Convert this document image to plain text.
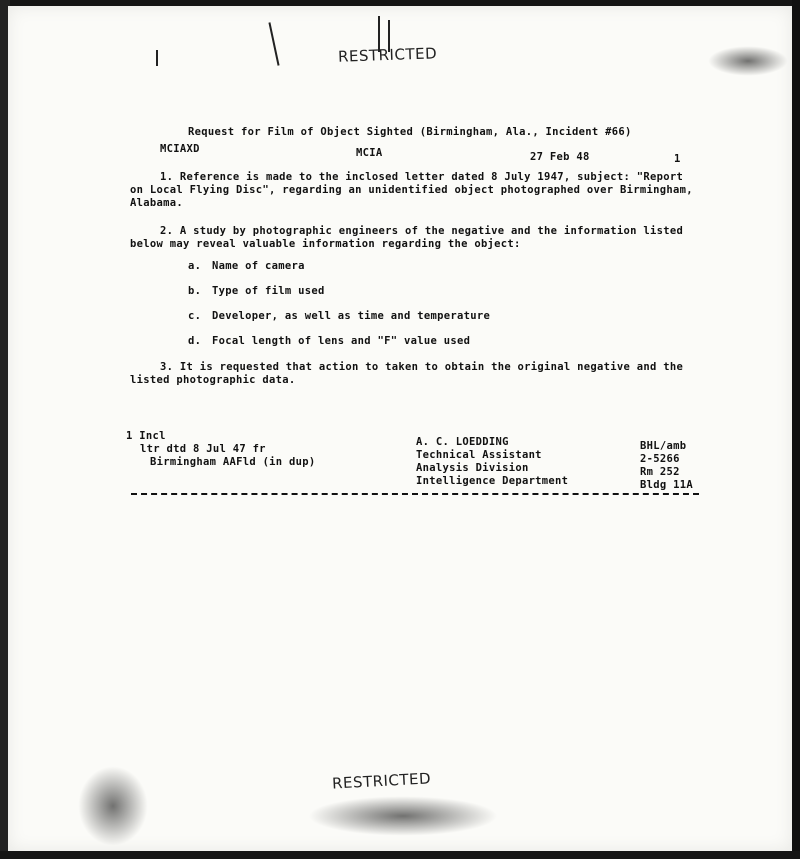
RESTRICTED
Request for Film of Object Sighted (Birmingham, Ala., Incident #66)
MCIAXD	MCIA	27 Feb 48	1
1. Reference is made to the inclosed letter dated 8 July 1947, subject: "Report
on Local Flying Disc", regarding an unidentified object photographed over Birmingham,
Alabama.
2. A study by photographic engineers of the negative and the information listed
below may reveal valuable information regarding the object:
a. Name of camera
b. Type of film used
c. Developer, as well as time and temperature
d. Focal length of lens and "F" value used
3. It is requested that action to taken to obtain the original negative and the
listed photographic data.
1 Incl
ltr dtd 8 Jul 47 fr
Birmingham AAFld (in dup)
A. C. LOEDDING
Technical Assistant
Analysis Division
Intelligence Department
BHL/amb
2-5266
Rm 252
Bldg 11A
RESTRICTED
